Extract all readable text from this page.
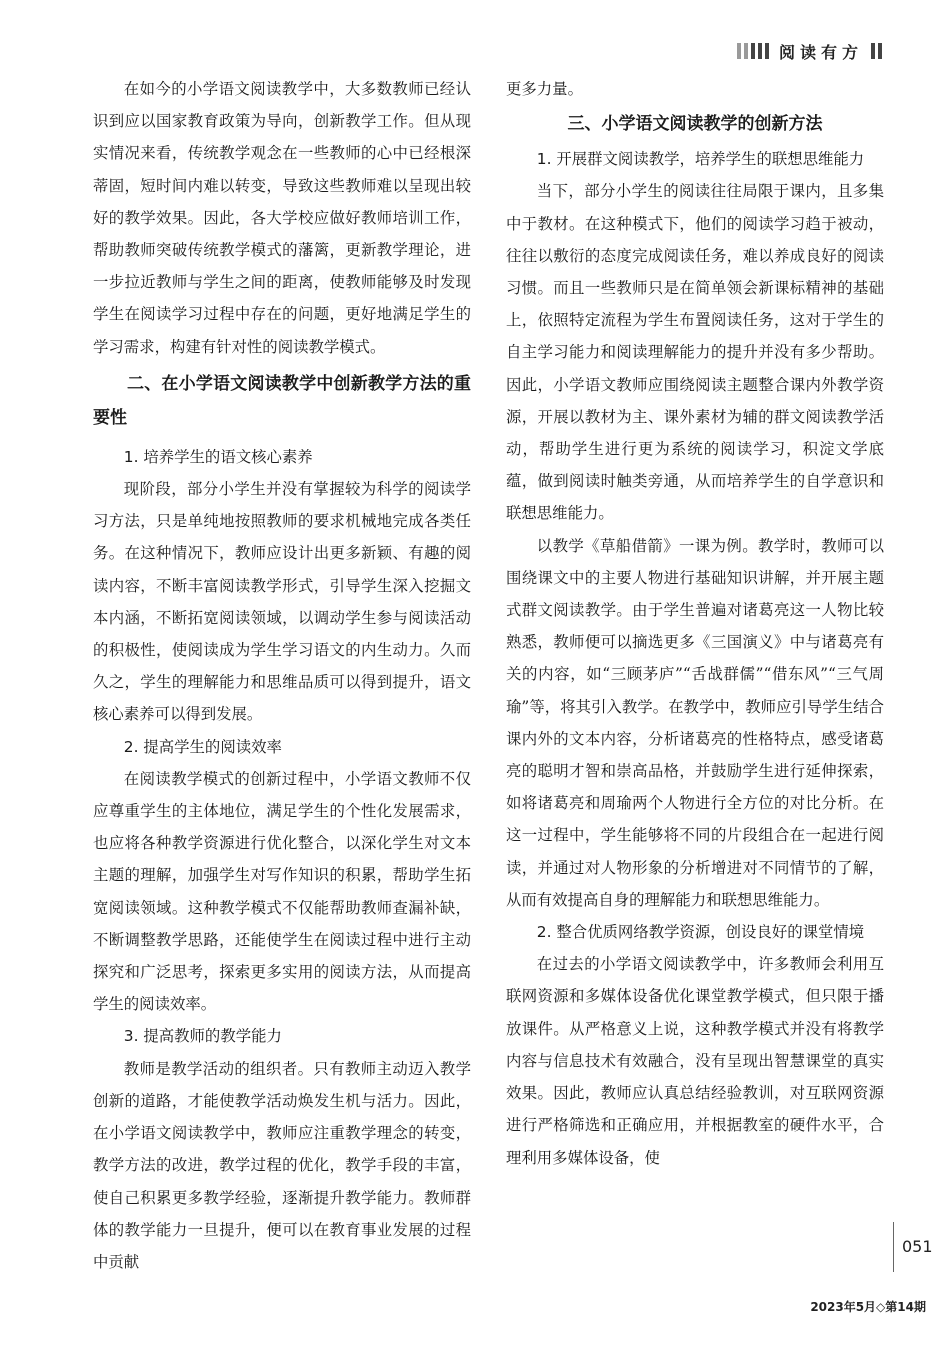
阅读有方

在如今的小学语文阅读教学中，大多数教师已经认识到应以国家教育政策为导向，创新教学工作。但从现实情况来看，传统教学观念在一些教师的心中已经根深蒂固，短时间内难以转变，导致这些教师难以呈现出较好的教学效果。因此，各大学校应做好教师培训工作，帮助教师突破传统教学模式的藩篱，更新教学理论，进一步拉近教师与学生之间的距离，使教师能够及时发现学生在阅读学习过程中存在的问题，更好地满足学生的学习需求，构建有针对性的阅读教学模式。

二、在小学语文阅读教学中创新教学方法的重要性
1. 培养学生的语文核心素养

现阶段，部分小学生并没有掌握较为科学的阅读学习方法，只是单纯地按照教师的要求机械地完成各类任务。在这种情况下，教师应设计出更多新颖、有趣的阅读内容，不断丰富阅读教学形式，引导学生深入挖掘文本内涵，不断拓宽阅读领域，以调动学生参与阅读活动的积极性，使阅读成为学生学习语文的内生动力。久而久之，学生的理解能力和思维品质可以得到提升，语文核心素养可以得到发展。

2. 提高学生的阅读效率

在阅读教学模式的创新过程中，小学语文教师不仅应尊重学生的主体地位，满足学生的个性化发展需求，也应将各种教学资源进行优化整合，以深化学生对文本主题的理解，加强学生对写作知识的积累，帮助学生拓宽阅读领域。这种教学模式不仅能帮助教师查漏补缺，不断调整教学思路，还能使学生在阅读过程中进行主动探究和广泛思考，探索更多实用的阅读方法，从而提高学生的阅读效率。

3. 提高教师的教学能力

教师是教学活动的组织者。只有教师主动迈入教学创新的道路，才能使教学活动焕发生机与活力。因此，在小学语文阅读教学中，教师应注重教学理念的转变，教学方法的改进，教学过程的优化，教学手段的丰富，使自己积累更多教学经验，逐渐提升教学能力。教师群体的教学能力一旦提升，便可以在教育事业发展的过程中贡献

更多力量。

三、小学语文阅读教学的创新方法
1. 开展群文阅读教学，培养学生的联想思维能力

当下，部分小学生的阅读往往局限于课内，且多集中于教材。在这种模式下，他们的阅读学习趋于被动，往往以敷衍的态度完成阅读任务，难以养成良好的阅读习惯。而且一些教师只是在简单领会新课标精神的基础上，依照特定流程为学生布置阅读任务，这对于学生的自主学习能力和阅读理解能力的提升并没有多少帮助。因此，小学语文教师应围绕阅读主题整合课内外教学资源，开展以教材为主、课外素材为辅的群文阅读教学活动，帮助学生进行更为系统的阅读学习，积淀文学底蕴，做到阅读时触类旁通，从而培养学生的自学意识和联想思维能力。

以教学《草船借箭》一课为例。教学时，教师可以围绕课文中的主要人物进行基础知识讲解，并开展主题式群文阅读教学。由于学生普遍对诸葛亮这一人物比较熟悉，教师便可以摘选更多《三国演义》中与诸葛亮有关的内容，如“三顾茅庐”“舌战群儒”“借东风”“三气周瑜”等，将其引入教学。在教学中，教师应引导学生结合课内外的文本内容，分析诸葛亮的性格特点，感受诸葛亮的聪明才智和崇高品格，并鼓励学生进行延伸探索，如将诸葛亮和周瑜两个人物进行全方位的对比分析。在这一过程中，学生能够将不同的片段组合在一起进行阅读，并通过对人物形象的分析增进对不同情节的了解，从而有效提高自身的理解能力和联想思维能力。

2. 整合优质网络教学资源，创设良好的课堂情境

在过去的小学语文阅读教学中，许多教师会利用互联网资源和多媒体设备优化课堂教学模式，但只限于播放课件。从严格意义上说，这种教学模式并没有将教学内容与信息技术有效融合，没有呈现出智慧课堂的真实效果。因此，教师应认真总结经验教训，对互联网资源进行严格筛选和正确应用，并根据教室的硬件水平，合理利用多媒体设备，使

051
2023年5月◇第14期
